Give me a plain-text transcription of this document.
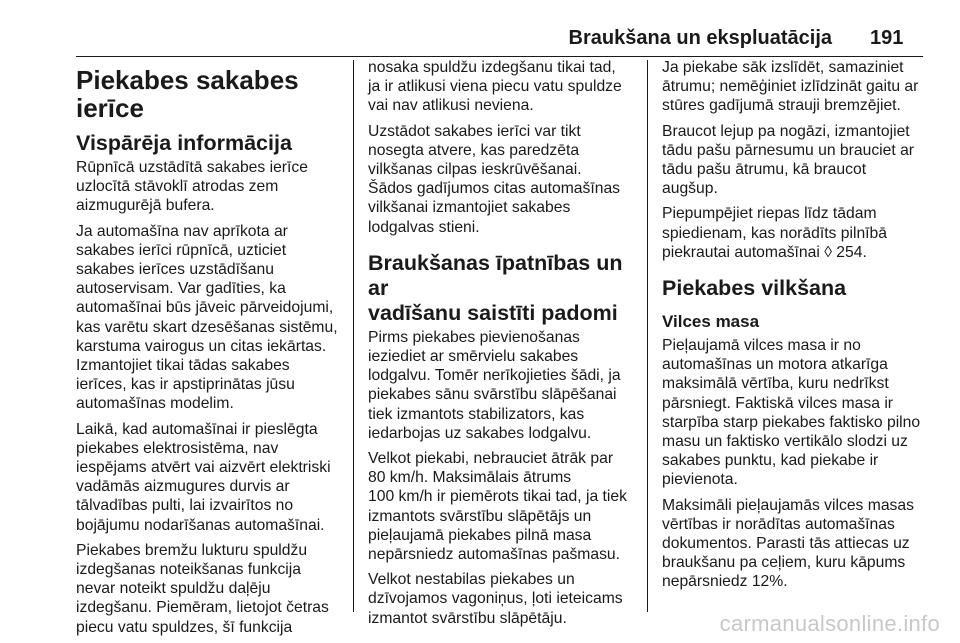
Braukšana un ekspluatācija 191
Piekabes sakabes
ierīce
Vispārēja informācija

Rūpnīcā uzstādītā sakabes ierīce
uzlocītā stāvoklī atrodas zem
aizmugurējā bufera.

Ja automašīna nav aprīkota ar
sakabes ierīci rūpnīcā, uzticiet
sakabes ierīces uzstādīšanu
autoservisam. Var gadīties, ka
automašīnai būs jāveic pārveidojumi,
kas varētu skart dzesēšanas sistēmu,
karstuma vairogus un citas iekārtas.
Izmantojiet tikai tādas sakabes
ierīces, kas ir apstiprinātas jūsu
automašīnas modelim.

Laikā, kad automašīnai ir pieslēgta
piekabes elektrosistēma, nav
iespējams atvērt vai aizvērt elektriski
vadāmās aizmugures durvis ar
tālvadības pulti, lai izvairītos no
bojājumu nodarīšanas automašīnai.

Piekabes bremžu lukturu spuldžu
izdegšanas noteikšanas funkcija
nevar noteikt spuldžu daļēju
izdegšanu. Piemēram, lietojot četras
piecu vatu spuldzes, šī funkcija

nosaka spuldžu izdegšanu tikai tad,
ja ir atlikusi viena piecu vatu spuldze
vai nav atlikusi neviena.

Uzstādot sakabes ierīci var tikt
nosegta atvere, kas paredzēta
vilkšanas cilpas ieskrūvēšanai.
Šādos gadījumos citas automašīnas
vilkšanai izmantojiet sakabes
lodgalvas stieni.

Braukšanas īpatnības un ar
vadīšanu saistīti padomi

Pirms piekabes pievienošanas
ieziediet ar smērvielu sakabes
lodgalvu. Tomēr nerīkojieties šādi, ja
piekabes sānu svārstību slāpēšanai
tiek izmantots stabilizators, kas
iedarbojas uz sakabes lodgalvu.

Velkot piekabi, nebrauciet ātrāk par
80 km/h. Maksimālais ātrums
100 km/h ir piemērots tikai tad, ja tiek
izmantots svārstību slāpētājs un
pieļaujamā piekabes pilnā masa
nepārsniedz automašīnas pašmasu.

Velkot nestabilas piekabes un
dzīvojamos vagoniņus, ļoti ieteicams
izmantot svārstību slāpētāju.

Ja piekabe sāk izslīdēt, samaziniet
ātrumu; nemēģiniet izlīdzināt gaitu ar
stūres gadījumā strauji bremzējiet.

Braucot lejup pa nogāzi, izmantojiet
tādu pašu pārnesumu un brauciet ar
tādu pašu ātrumu, kā braucot
augšup.

Piepumpējiet riepas līdz tādam
spiedienam, kas norādīts pilnībā
piekrautai automašīnai ◊ 254.

Piekabes vilkšana
Vilces masa

Pieļaujamā vilces masa ir no
automašīnas un motora atkarīga
maksimālā vērtība, kuru nedrīkst
pārsniegt. Faktiskā vilces masa ir
starpība starp piekabes faktisko pilno
masu un faktisko vertikālo slodzi uz
sakabes punktu, kad piekabe ir
pievienota.

Maksimāli pieļaujamās vilces masas
vērtības ir norādītas automašīnas
dokumentos. Parasti tās attiecas uz
braukšanu pa ceļiem, kuru kāpums
nepārsniedz 12%.

carmanualsonline.info
